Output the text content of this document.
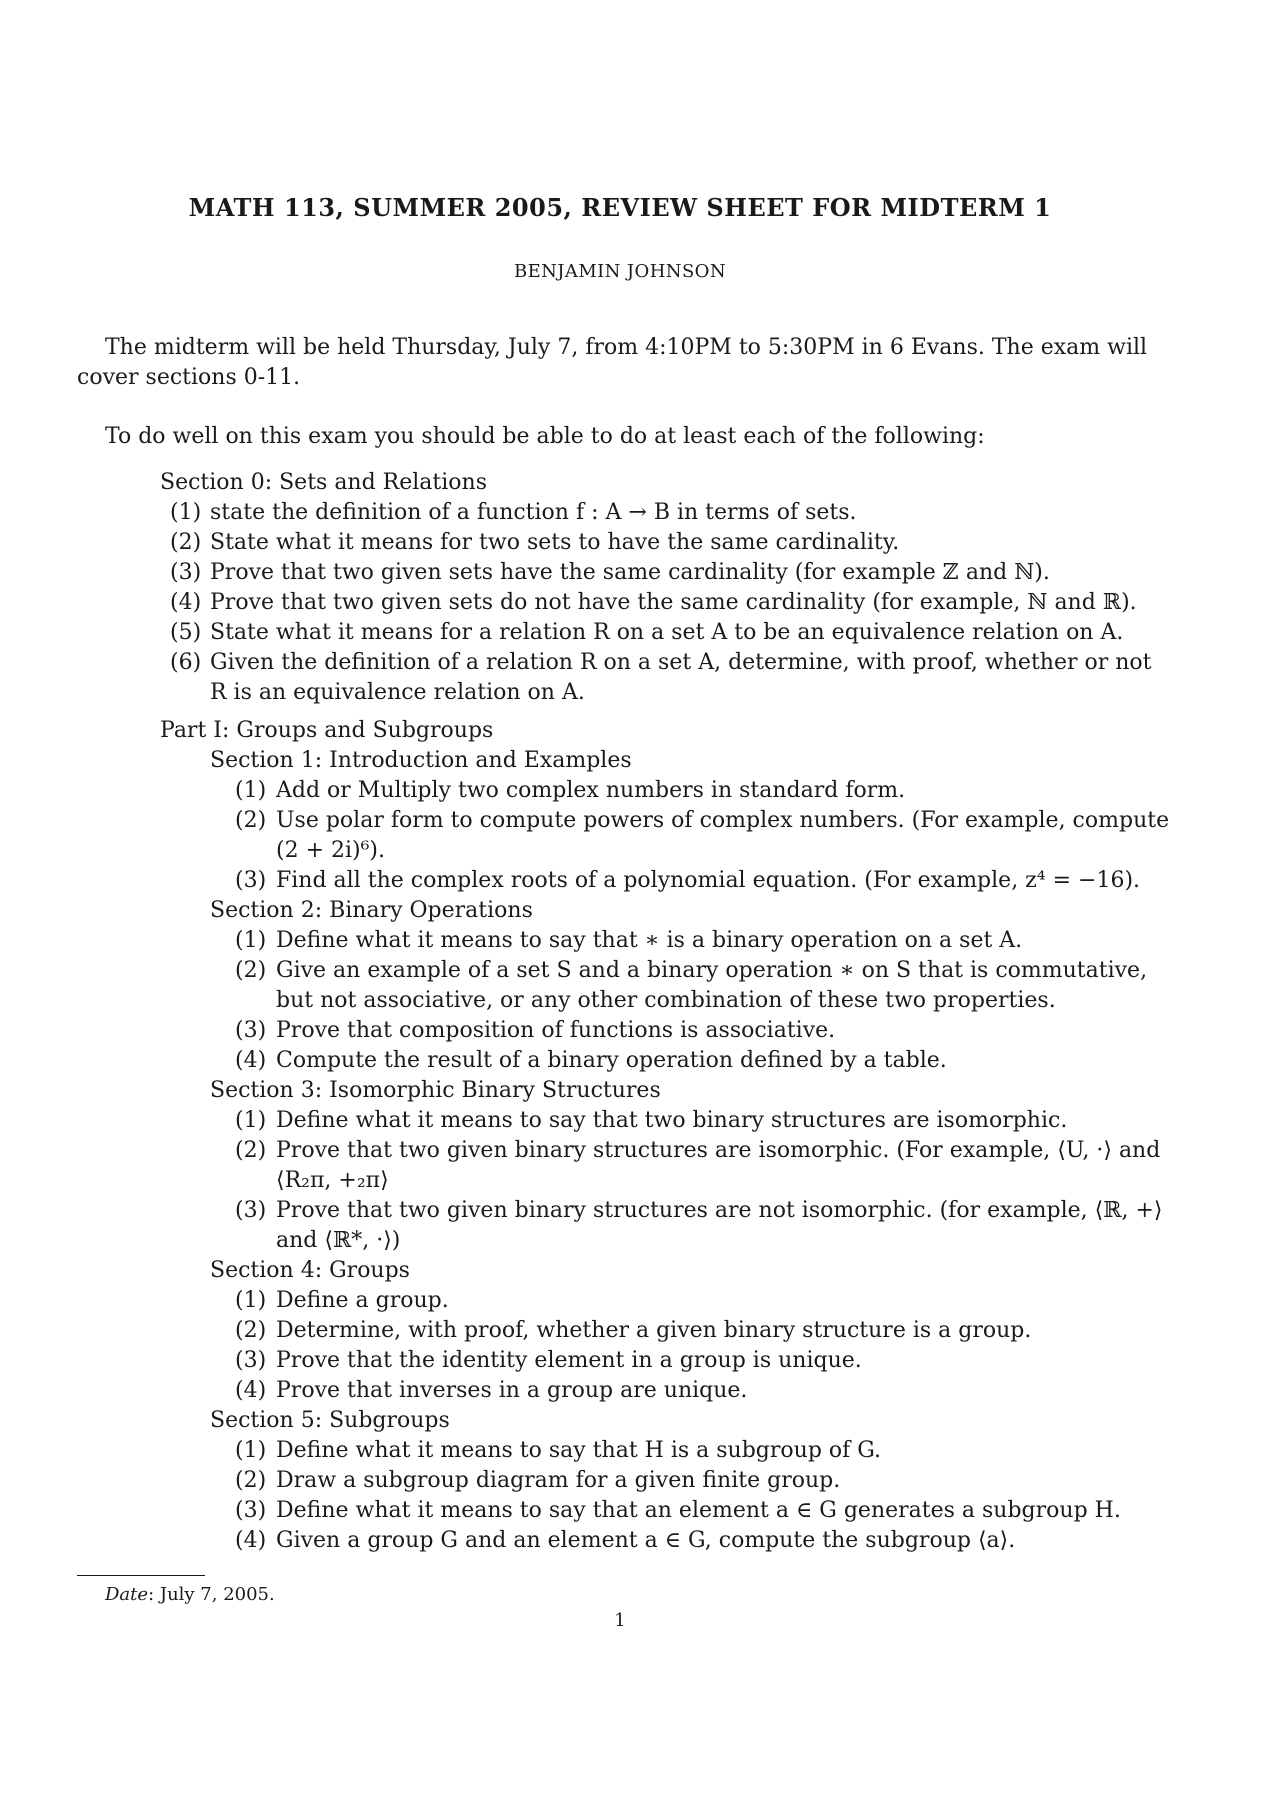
MATH 113, SUMMER 2005, REVIEW SHEET FOR MIDTERM 1
BENJAMIN JOHNSON
The midterm will be held Thursday, July 7, from 4:10PM to 5:30PM in 6 Evans. The exam will cover sections 0-11.
To do well on this exam you should be able to do at least each of the following:
Section 0: Sets and Relations
(1) state the definition of a function f : A → B in terms of sets.
(2) State what it means for two sets to have the same cardinality.
(3) Prove that two given sets have the same cardinality (for example ℤ and ℕ).
(4) Prove that two given sets do not have the same cardinality (for example, ℕ and ℝ).
(5) State what it means for a relation R on a set A to be an equivalence relation on A.
(6) Given the definition of a relation R on a set A, determine, with proof, whether or not R is an equivalence relation on A.
Part I: Groups and Subgroups
Section 1: Introduction and Examples
(1) Add or Multiply two complex numbers in standard form.
(2) Use polar form to compute powers of complex numbers. (For example, compute (2 + 2i)⁶).
(3) Find all the complex roots of a polynomial equation. (For example, z⁴ = −16).
Section 2: Binary Operations
(1) Define what it means to say that ∗ is a binary operation on a set A.
(2) Give an example of a set S and a binary operation ∗ on S that is commutative, but not associative, or any other combination of these two properties.
(3) Prove that composition of functions is associative.
(4) Compute the result of a binary operation defined by a table.
Section 3: Isomorphic Binary Structures
(1) Define what it means to say that two binary structures are isomorphic.
(2) Prove that two given binary structures are isomorphic. (For example, ⟨U, ·⟩ and ⟨R₂π, +₂π⟩
(3) Prove that two given binary structures are not isomorphic. (for example, ⟨ℝ, +⟩ and ⟨ℝ*, ·⟩)
Section 4: Groups
(1) Define a group.
(2) Determine, with proof, whether a given binary structure is a group.
(3) Prove that the identity element in a group is unique.
(4) Prove that inverses in a group are unique.
Section 5: Subgroups
(1) Define what it means to say that H is a subgroup of G.
(2) Draw a subgroup diagram for a given finite group.
(3) Define what it means to say that an element a ∈ G generates a subgroup H.
(4) Given a group G and an element a ∈ G, compute the subgroup ⟨a⟩.
Date: July 7, 2005.
1
